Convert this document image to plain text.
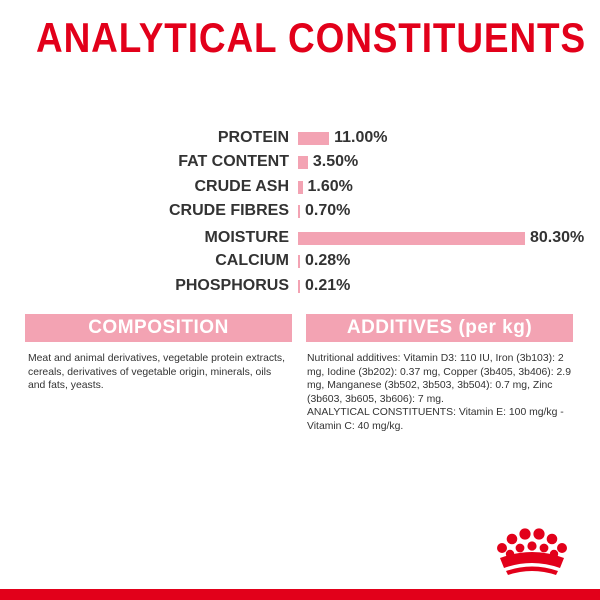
ANALYTICAL CONSTITUENTS
PROTEIN	11.00%
FAT CONTENT 3.50%
CRUDE ASH 1.60%
CRUDE FIBRES 0.70%
MOISTURE	80.30%
CALCIUM 0.28%
PHOSPHORUS 0.21%
COMPOSITION	ADDITIVES (per kg)

Meat and animal derivatives, vegetable protein extracts, cereals, derivatives of vegetable origin, minerals, oils and fats, yeasts.

Nutritional additives: Vitamin D3: 110 IU, Iron (3b103): 2 mg, Iodine (3b202): 0.37 mg, Copper (3b405, 3b406): 2.9 mg, Manganese (3b502, 3b503, 3b504): 0.7 mg, Zinc (3b603, 3b605, 3b606): 7 mg.

ANALYTICAL CONSTITUENTS: Vitamin E: 100 mg/kg - Vitamin C: 40 mg/kg.
